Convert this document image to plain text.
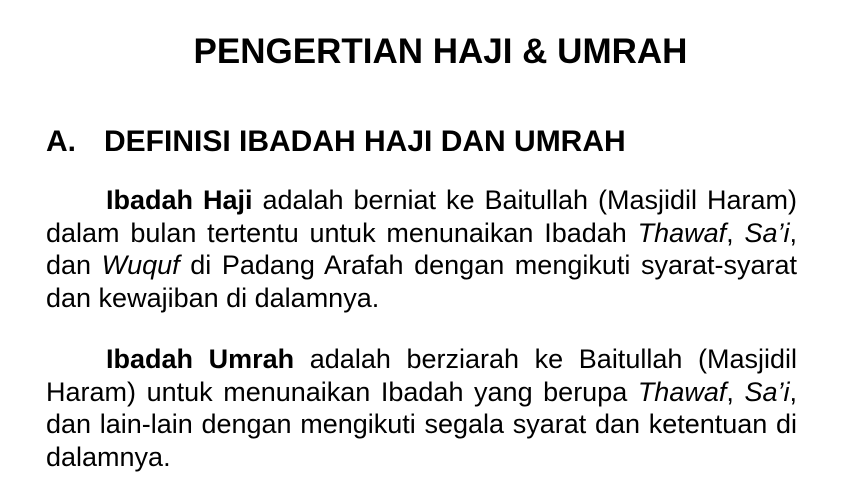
PENGERTIAN HAJI & UMRAH
A. DEFINISI IBADAH HAJI DAN UMRAH

Ibadah Haji adalah berniat ke Baitullah (Masjidil Haram) dalam bulan tertentu untuk menunaikan Ibadah Thawaf, Sa’i, dan Wuquf di Padang Arafah dengan mengikuti syarat-syarat dan kewajiban di dalamnya.

Ibadah Umrah adalah berziarah ke Baitullah (Masjidil Haram) untuk menunaikan Ibadah yang berupa Thawaf, Sa’i, dan lain-lain dengan mengikuti segala syarat dan ketentuan di dalamnya.
